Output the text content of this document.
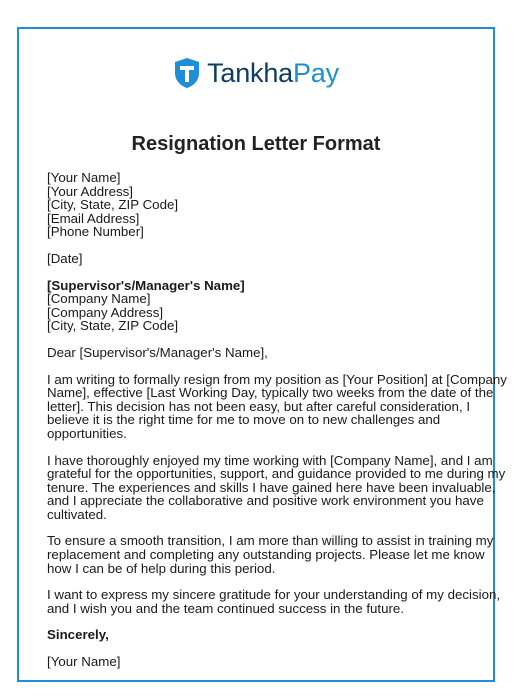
TankhaPay
Resignation Letter Format
[Your Name]
[Your Address]
[City, State, ZIP Code]
[Email Address]
[Phone Number]
[Date]
[Supervisor's/Manager's Name]
[Company Name]
[Company Address]
[City, State, ZIP Code]
Dear [Supervisor's/Manager's Name],
I am writing to formally resign from my position as [Your Position] at [Company
Name], effective [Last Working Day, typically two weeks from the date of the
letter]. This decision has not been easy, but after careful consideration, I
believe it is the right time for me to move on to new challenges and
opportunities.
I have thoroughly enjoyed my time working with [Company Name], and I am
grateful for the opportunities, support, and guidance provided to me during my
tenure. The experiences and skills I have gained here have been invaluable,
and I appreciate the collaborative and positive work environment you have
cultivated.
To ensure a smooth transition, I am more than willing to assist in training my
replacement and completing any outstanding projects. Please let me know
how I can be of help during this period.
I want to express my sincere gratitude for your understanding of my decision,
and I wish you and the team continued success in the future.
Sincerely,
[Your Name]
